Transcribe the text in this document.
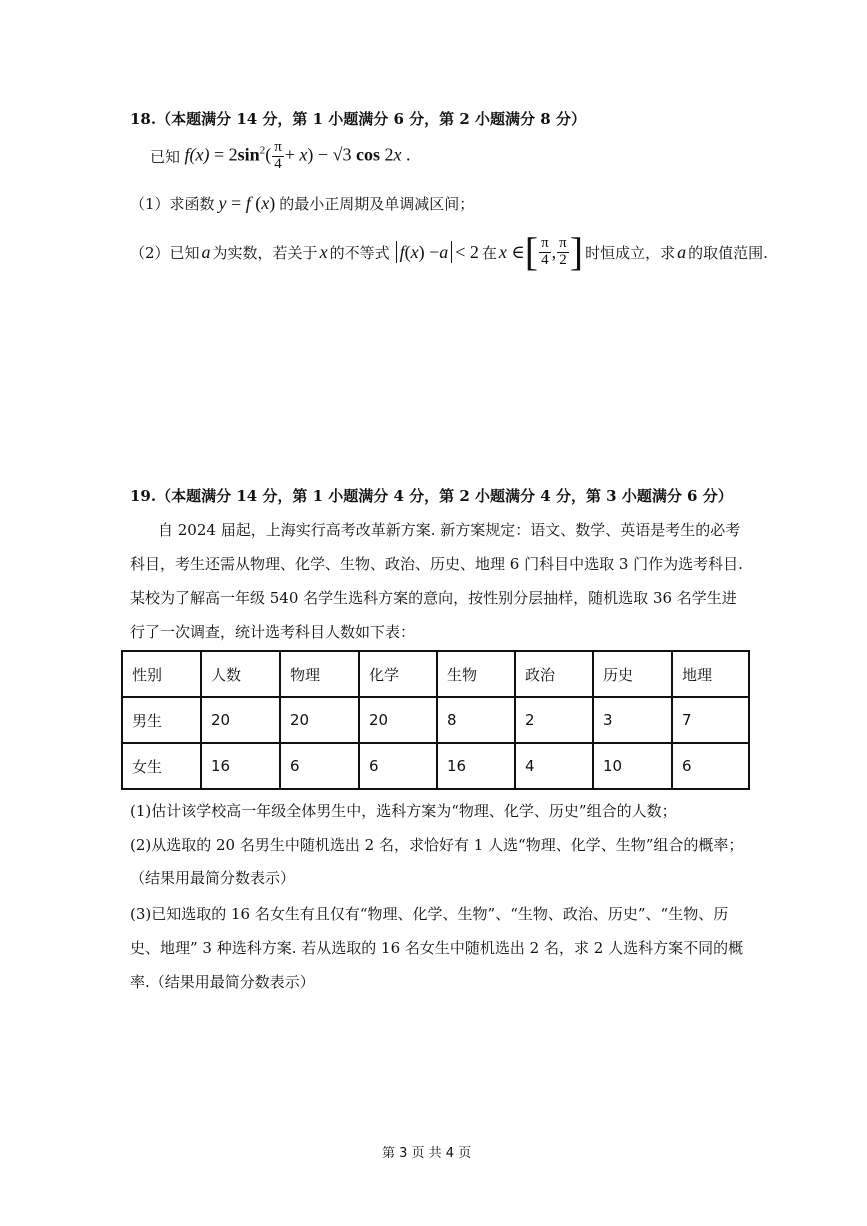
18.（本题满分 14 分，第 1 小题满分 6 分，第 2 小题满分 8 分）
已知 $f(x) = 2\sin^2( \frac{\pi}{4} + x) - √3$ cos 2x .
（1）求函数 y = f (x) 的最小正周期及单调减区间；
（2）已知 a 为实数，若关于 x 的不等式 f ( x ) − a < 2 在 x ∈ [ $\frac{\pi}{4}$ , $\frac{\pi}{2}$ ] 时恒成立，求 a 的取值范围.
19.（本题满分 14 分，第 1 小题满分 4 分，第 2 小题满分 4 分，第 3 小题满分 6 分）
自 2024 届起，上海实行高考改革新方案. 新方案规定：语文、数学、英语是考生的必考
科目，考生还需从物理、化学、生物、政治、历史、地理 6 门科目中选取 3 门作为选考科目.
某校为了解高一年级 540 名学生选科方案的意向，按性别分层抽样，随机选取 36 名学生进
行了一次调查，统计选考科目人数如下表：
性别	人数	物理	化学	生物	政治	历史	地理
男生	20	20	20	8	2	3	7
女生	16	6	6	16	4	10	6
(1)估计该学校高一年级全体男生中，选科方案为“物理、化学、历史”组合的人数；
(2)从选取的 20 名男生中随机选出 2 名，求恰好有 1 人选“物理、化学、生物”组合的概率；
（结果用最简分数表示）
(3)已知选取的 16 名女生有且仅有“物理、化学、生物”、“生物、政治、历史”、“生物、历
史、地理” 3 种选科方案. 若从选取的 16 名女生中随机选出 2 名，求 2 人选科方案不同的概
率.（结果用最简分数表示）
第 3 页 共 4 页
